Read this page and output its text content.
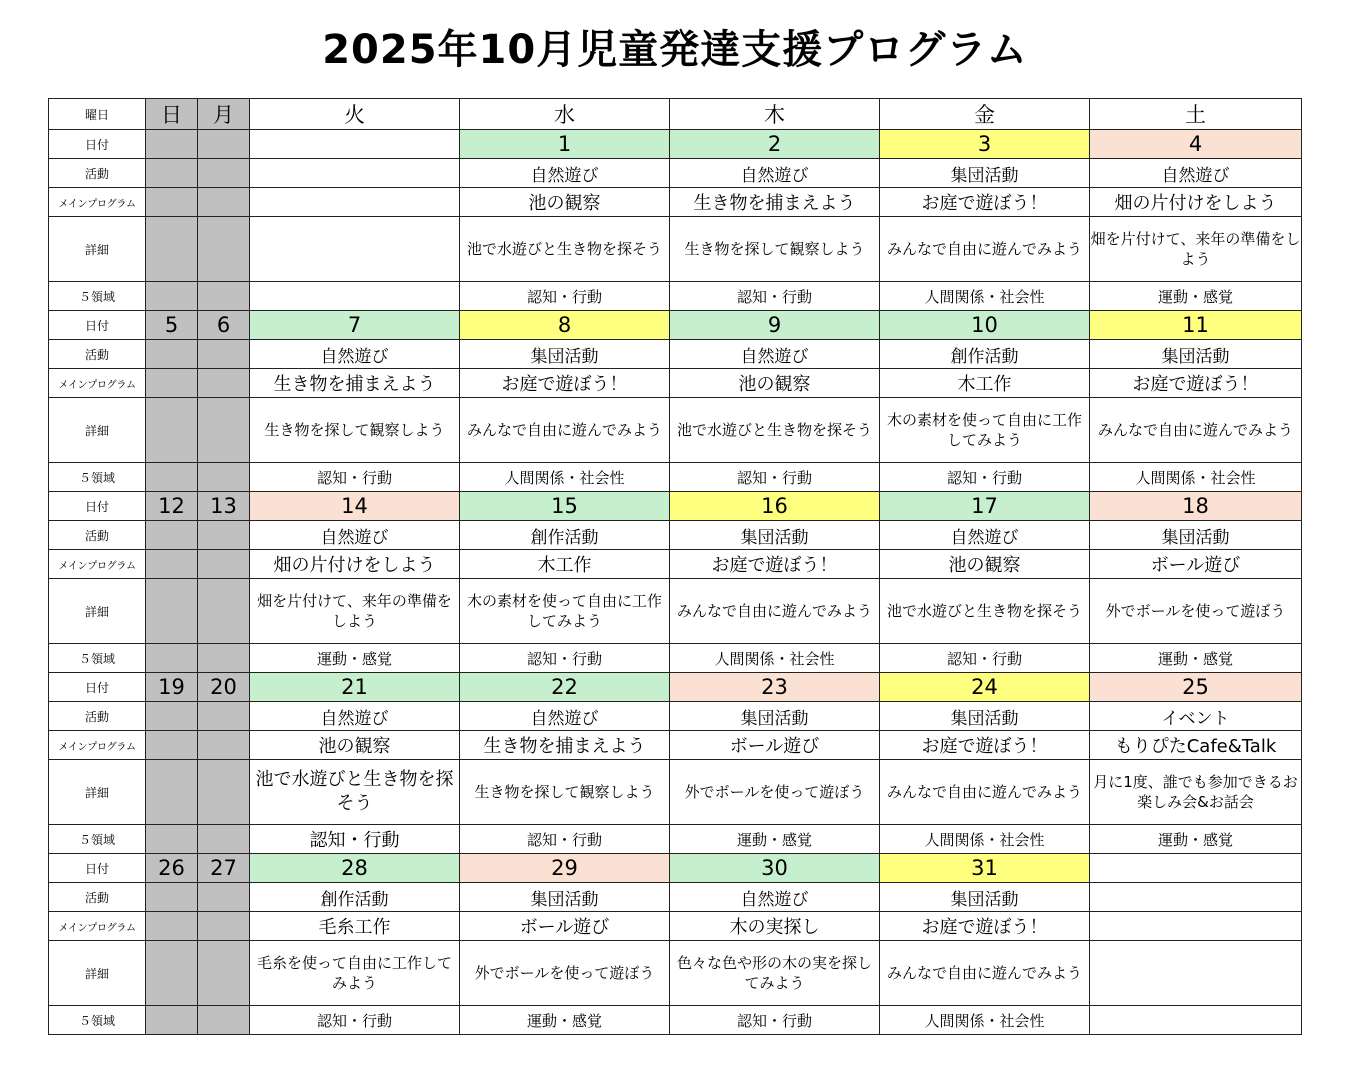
2025年10月児童発達支援プログラム
曜日	日	月	火	水	木	金	土
日付				1	2	3	4
活動				自然遊び	自然遊び	集団活動	自然遊び
メインプログラム				池の観察	生き物を捕まえよう	お庭で遊ぼう！	畑の片付けをしよう
詳細				池で水遊びと生き物を探そう	生き物を探して観察しよう	みんなで自由に遊んでみよう	畑を片付けて、来年の準備をしよう
５領域				認知・行動	認知・行動	人間関係・社会性	運動・感覚
日付	5	6	7	8	9	10	11
活動			自然遊び	集団活動	自然遊び	創作活動	集団活動
メインプログラム			生き物を捕まえよう	お庭で遊ぼう！	池の観察	木工作	お庭で遊ぼう！
詳細			生き物を探して観察しよう	みんなで自由に遊んでみよう	池で水遊びと生き物を探そう	木の素材を使って自由に工作してみよう	みんなで自由に遊んでみよう
５領域			認知・行動	人間関係・社会性	認知・行動	認知・行動	人間関係・社会性
日付	12	13	14	15	16	17	18
活動			自然遊び	創作活動	集団活動	自然遊び	集団活動
メインプログラム			畑の片付けをしよう	木工作	お庭で遊ぼう！	池の観察	ボール遊び
詳細			畑を片付けて、来年の準備をしよう	木の素材を使って自由に工作してみよう	みんなで自由に遊んでみよう	池で水遊びと生き物を探そう	外でボールを使って遊ぼう
５領域			運動・感覚	認知・行動	人間関係・社会性	認知・行動	運動・感覚
日付	19	20	21	22	23	24	25
活動			自然遊び	自然遊び	集団活動	集団活動	イベント
メインプログラム			池の観察	生き物を捕まえよう	ボール遊び	お庭で遊ぼう！	もりぴたCafe&Talk
詳細			池で水遊びと生き物を探そう	生き物を探して観察しよう	外でボールを使って遊ぼう	みんなで自由に遊んでみよう	月に1度、誰でも参加できるお楽しみ会&お話会
５領域			認知・行動	認知・行動	運動・感覚	人間関係・社会性	運動・感覚
日付	26	27	28	29	30	31	
活動			創作活動	集団活動	自然遊び	集団活動	
メインプログラム			毛糸工作	ボール遊び	木の実探し	お庭で遊ぼう！	
詳細			毛糸を使って自由に工作してみよう	外でボールを使って遊ぼう	色々な色や形の木の実を探してみよう	みんなで自由に遊んでみよう	
５領域			認知・行動	運動・感覚	認知・行動	人間関係・社会性	
